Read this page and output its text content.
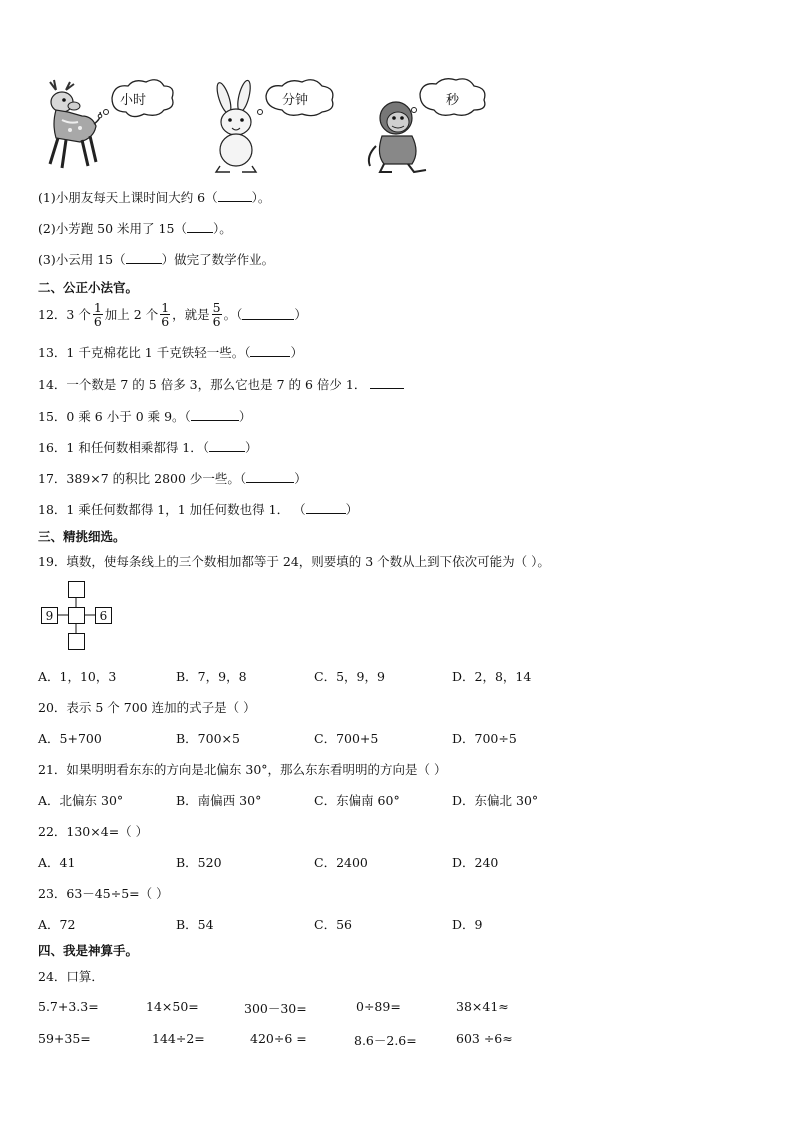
小时	分钟	秒
(1)小朋友每天上课时间大约 6（	）。
(2)小芳跑 50 米用了 15（ ）。
(3)小云用 15（	）做完了数学作业。
二、公正小法官。
12．3 个 $\frac{1}{6}$ 加上 2 个 $\frac{1}{6}$ ，就是 $\frac{5}{6}$ 。（	）
13．1 千克棉花比 1 千克铁轻一些。（	）
14．一个数是 7 的 5 倍多 3，那么它也是 7 的 6 倍少 1．
15．0 乘 6 小于 0 乘 9。（	）
16．1 和任何数相乘都得 1．（	）
17．389×7 的积比 2800 少一些。（	）
18．1 乘任何数都得 1，1 加任何数也得 1． （	）
三、精挑细选。
19．填数，使每条线上的三个数相加都等于 24，则要填的 3 个数从上到下依次可能为（ ）。
9	6
A．1，10，3	B．7，9，8	C．5，9，9	D．2，8，14
20．表示 5 个 700 连加的式子是（ ）
A．5+700	B．700×5	C．700+5	D．700÷5
21．如果明明看东东的方向是北偏东 30°，那么东东看明明的方向是（ ）
A．北偏东 30°	B．南偏西 30°	C．东偏南 60°	D．东偏北 30°
22．130×4=（ ）
A．41	B．520	C．2400	D．240
23．63－45÷5=（ ）
A．72	B．54	C．56	D．9
四、我是神算手。
24．口算．
5.7+3.3=	14×50=	300－30=	0÷89=	38×41≈
59+35=	144÷2=	420÷6 =	8.6－2.6=	603 ÷6≈
